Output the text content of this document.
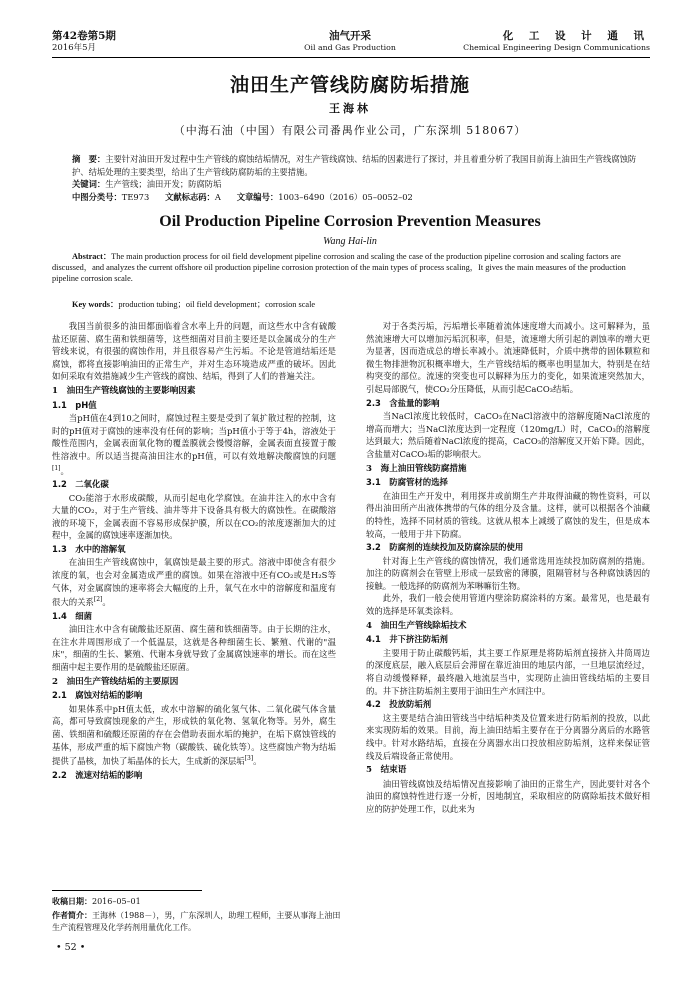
第42卷第5期
2016年5月
油气开采
Oil and Gas Production
化 工 设 计 通 讯
Chemical Engineering Design Communications
油田生产管线防腐防垢措施
王海林
（中海石油（中国）有限公司番禺作业公司，广东深圳 518067）
摘　要：主要针对油田开发过程中生产管线的腐蚀结垢情况，对生产管线腐蚀、结垢的因素进行了探讨，并且着重分析了我国目前海上油田生产管线腐蚀防护、结垢处理的主要类型，给出了生产管线防腐防垢的主要措施。
关键词：生产管线；油田开发；防腐防垢
中图分类号：TE973 文献标志码：A 文章编号：1003–6490（2016）05–0052–02
Oil Production Pipeline Corrosion Prevention Measures
Wang Hai-lin
Abstract：The main production process for oil field development pipeline corrosion and scaling the case of the production pipeline corrosion and scaling factors are discussed，and analyzes the current offshore oil production pipeline corrosion protection of the main types of process scaling，It gives the main measures of the production pipeline corrosion scale.
Key words：production tubing；oil field development；corrosion scale

我国当前很多的油田都面临着含水率上升的问题，而这些水中含有硫酸盐还原菌、腐生菌和铁细菌等，这些细菌对目前主要还是以金属成分的生产管线来说，有很强的腐蚀作用，并且很容易产生污垢。不论是管道结垢还是腐蚀，都将直接影响油田的正常生产，并对生态环境造成严重的破坏。因此如何采取有效措施减少生产管线的腐蚀、结垢，得到了人们的普遍关注。

1　油田生产管线腐蚀的主要影响因素
1.1　pH值

当pH值在4到10之间时，腐蚀过程主要是受到了氧扩散过程的控制，这时的pH值对于腐蚀的速率没有任何的影响；当pH值小于等于4h，溶液处于酸性范围内，金属表面氧化物的覆盖膜就会慢慢溶解，金属表面直接置于酸性溶液中。所以适当提高油田注水的pH值，可以有效地解决酸腐蚀的问题[1]。

1.2　二氧化碳

CO₂能溶于水形成碳酸，从而引起电化学腐蚀。在油井注入的水中含有大量的CO₂，对于生产管线、油井等井下设备具有极大的腐蚀性。在碳酸溶液的环境下，金属表面不容易形成保护膜，所以在CO₂的浓度逐渐加大的过程中，金属的腐蚀速率逐渐加快。

1.3　水中的溶解氧

在油田生产管线腐蚀中，氧腐蚀是最主要的形式。溶液中即使含有很少浓度的氧，也会对金属造成严重的腐蚀。如果在溶液中还有CO₂或是H₂S等气体，对金属腐蚀的速率将会大幅度的上升，氧气在水中的溶解度和温度有很大的关系[2]。

1.4　细菌

油田注水中含有硫酸盐还原菌、腐生菌和铁细菌等。由于长期的注水，在注水井周围形成了一个低温层，这就是各种细菌生长、繁殖、代谢的"温床"，细菌的生长、繁殖、代谢本身就导致了金属腐蚀速率的增长。而在这些细菌中起主要作用的是硫酸盐还原菌。

2　油田生产管线结垢的主要原因
2.1　腐蚀对结垢的影响

如果体系中pH值太低，或水中溶解的硫化氢气体、二氧化碳气体含量高，都可导致腐蚀现象的产生，形成铁的氧化物、氢氧化物等。另外，腐生菌、铁细菌和硫酸还原菌的存在会借助表面水垢的掩护，在垢下腐蚀管线的基体，形成严重的垢下腐蚀产物（碳酸铁、硫化铁等）。这些腐蚀产物为结垢提供了晶核，加快了垢晶体的长大，生成新的深层垢[3]。

2.2　流速对结垢的影响
收稿日期：2016–05–01
作者简介：王海林（1988－），男，广东深圳人，助理工程师，主要从事海上油田生产流程管理及化学药剂用量优化工作。
• 52 •

对于各类污垢，污垢增长率随着流体速度增大而减小。这可解释为，虽然流速增大可以增加污垢沉积率，但是，流速增大所引起的剥蚀率的增大更为显著，因而造成总的增长率减小。流速降低时，介质中携带的固体颗粒和微生物排泄物沉积概率增大，生产管线结垢的概率也明显加大，特别是在结构突变的部位。流速的突变也可以解释为压力的变化，如果流速突然加大，引起局部脱气，使CO₂分压降低，从而引起CaCO₃结垢。

2.3　含盐量的影响

当NaCl浓度比较低时，CaCO₃在NaCl溶液中的溶解度随NaCl浓度的增高而增大；当NaCl浓度达到一定程度（120mg/L）时，CaCO₃的溶解度达到最大；然后随着NaCl浓度的提高，CaCO₃的溶解度又开始下降。因此，含盐量对CaCO₃垢的影响很大。

3　海上油田管线防腐措施
3.1　防腐管材的选择

在油田生产开发中，利用探井或前期生产井取得油藏的物性资料，可以得出油田所产出液体携带的气体的组分及含量。这样，就可以根据各个油藏的特性，选择不同材质的管线。这就从根本上减缓了腐蚀的发生，但是成本较高，一般用于井下防腐。

3.2　防腐剂的连续投加及防腐涂层的使用

针对海上生产管线的腐蚀情况，我们通常选用连续投加防腐剂的措施。加注的防腐剂会在管壁上形成一层致密的薄膜，阻隔管材与各种腐蚀诱因的接触。一般选择的防腐剂为苯啉嘛衍生物。

此外，我们一般会使用管道内壁涂防腐涂料的方案。最常见，也是最有效的选择是环氧类涂料。

4　油田生产管线除垢技术
4.1　井下挤注防垢剂

主要用于防止碳酸钙垢，其主要工作原理是将防垢剂直接挤入井筒周边的深度底层，融入底层后会滞留在靠近油田的地层内部，一旦地层流经过，将自动缓慢释释，最终融入地流层当中，实现防止油田管线结垢的主要目的。井下挤注防垢剂主要用于油田生产水回注中。

4.2　投放防垢剂

这主要是结合油田管线当中结垢种类及位置来进行防垢剂的投放，以此来实现防垢的效果。目前，海上油田结垢主要存在于分离器分离后的水路管线中。针对水路结垢，直接在分离器水出口投放相应防垢剂，这样来保证管线及后端设备正常使用。

5　结束语

油田管线腐蚀及结垢情况直接影响了油田的正常生产，因此要针对各个油田的腐蚀特性进行逐一分析，因地制宜，采取相应的防腐除垢技术做好相应的防护处理工作，以此来为
